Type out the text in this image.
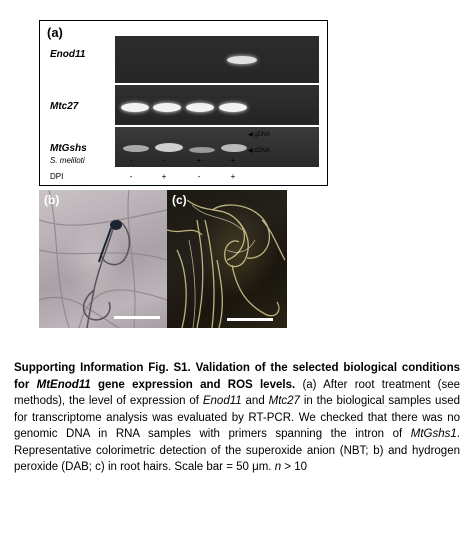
(a)
Enod11
Mtc27
MtGshs
◀ gDNA
◀ cDNA
S. meliloti	-	-	+	+
DPI	-	+	-	+
(b)	(c)
Supporting Information Fig. S1. Validation of the selected biological conditions for MtEnod11 gene expression and ROS levels. (a) After root treatment (see methods), the level of expression of Enod11 and Mtc27 in the biological samples used for transcriptome analysis was evaluated by RT-PCR. We checked that there was no genomic DNA in RNA samples with primers spanning the intron of MtGshs1. Representative colorimetric detection of the superoxide anion (NBT; b) and hydrogen peroxide (DAB; c) in root hairs. Scale bar = 50 μm. n > 10
